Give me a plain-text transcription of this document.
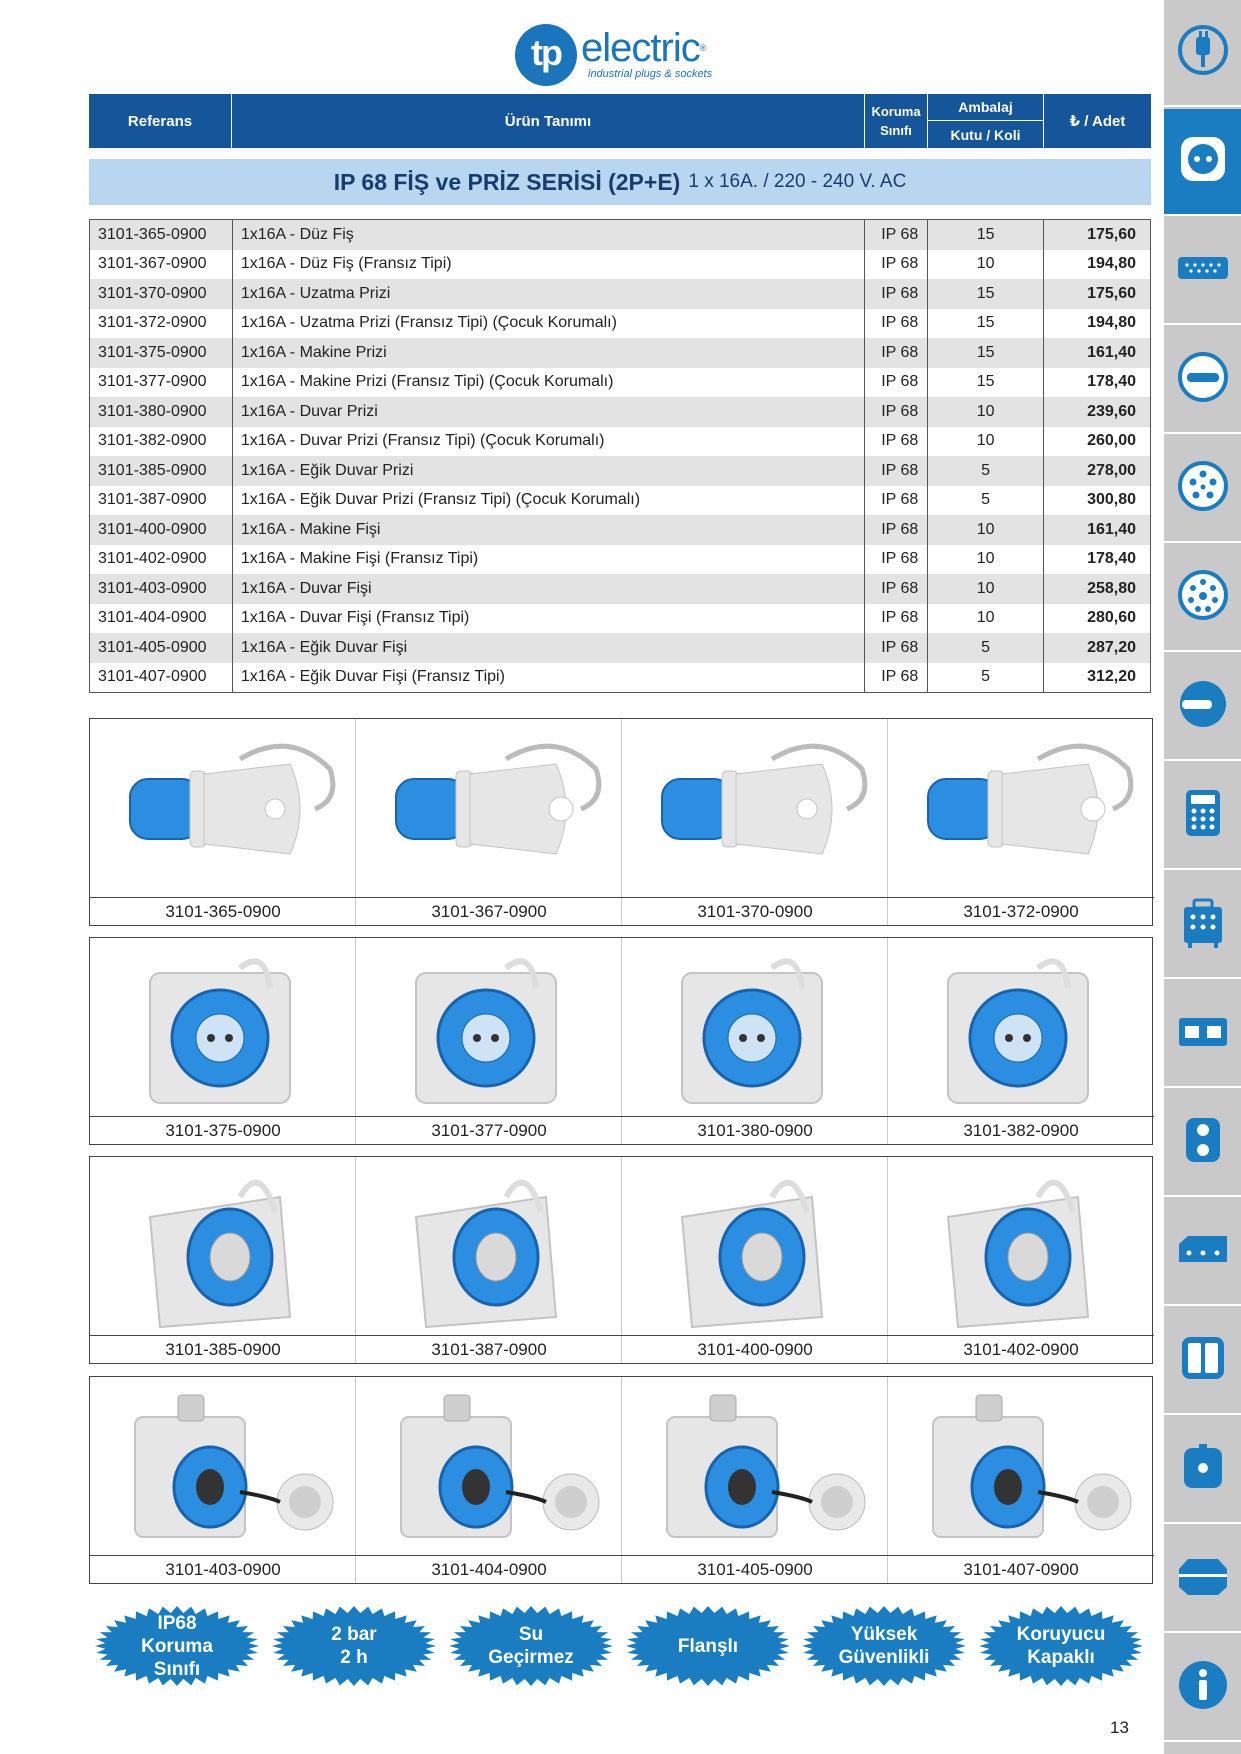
tp electric®
industrial plugs & sockets
Referans	Ürün Tanımı
Koruma
Sınıfı
Ambalaj
Kutu / Koli
₺ / Adet
IP 68 FİŞ ve PRİZ SERİSİ (2P+E) 1 x 16A. / 220 - 240 V. AC
3101-365-0900	1x16A - Düz Fiş	IP 68	15	175,60
3101-367-0900	1x16A - Düz Fiş (Fransız Tipi)	IP 68	10	194,80
3101-370-0900	1x16A - Uzatma Prizi	IP 68	15	175,60
3101-372-0900	1x16A - Uzatma Prizi (Fransız Tipi) (Çocuk Korumalı)	IP 68	15	194,80
3101-375-0900	1x16A - Makine Prizi	IP 68	15	161,40
3101-377-0900	1x16A - Makine Prizi (Fransız Tipi) (Çocuk Korumalı)	IP 68	15	178,40
3101-380-0900	1x16A - Duvar Prizi	IP 68	10	239,60
3101-382-0900	1x16A - Duvar Prizi (Fransız Tipi) (Çocuk Korumalı)	IP 68	10	260,00
3101-385-0900	1x16A - Eğik Duvar Prizi	IP 68	5	278,00
3101-387-0900	1x16A - Eğik Duvar Prizi (Fransız Tipi) (Çocuk Korumalı)	IP 68	5	300,80
3101-400-0900	1x16A - Makine Fişi	IP 68	10	161,40
3101-402-0900	1x16A - Makine Fişi (Fransız Tipi)	IP 68	10	178,40
3101-403-0900	1x16A - Duvar Fişi	IP 68	10	258,80
3101-404-0900	1x16A - Duvar Fişi (Fransız Tipi)	IP 68	10	280,60
3101-405-0900	1x16A - Eğik Duvar Fişi	IP 68	5	287,20
3101-407-0900	1x16A - Eğik Duvar Fişi (Fransız Tipi)	IP 68	5	312,20
3101-365-0900	3101-367-0900	3101-370-0900	3101-372-0900
3101-375-0900	3101-377-0900	3101-380-0900	3101-382-0900
3101-385-0900	3101-387-0900	3101-400-0900	3101-402-0900
3101-403-0900	3101-404-0900	3101-405-0900	3101-407-0900
IP68
Koruma
Sınıfı
2 bar
2 h
Su
Geçirmez
Flanşlı
Yüksek
Güvenlikli
Koruyucu
Kapaklı
13
